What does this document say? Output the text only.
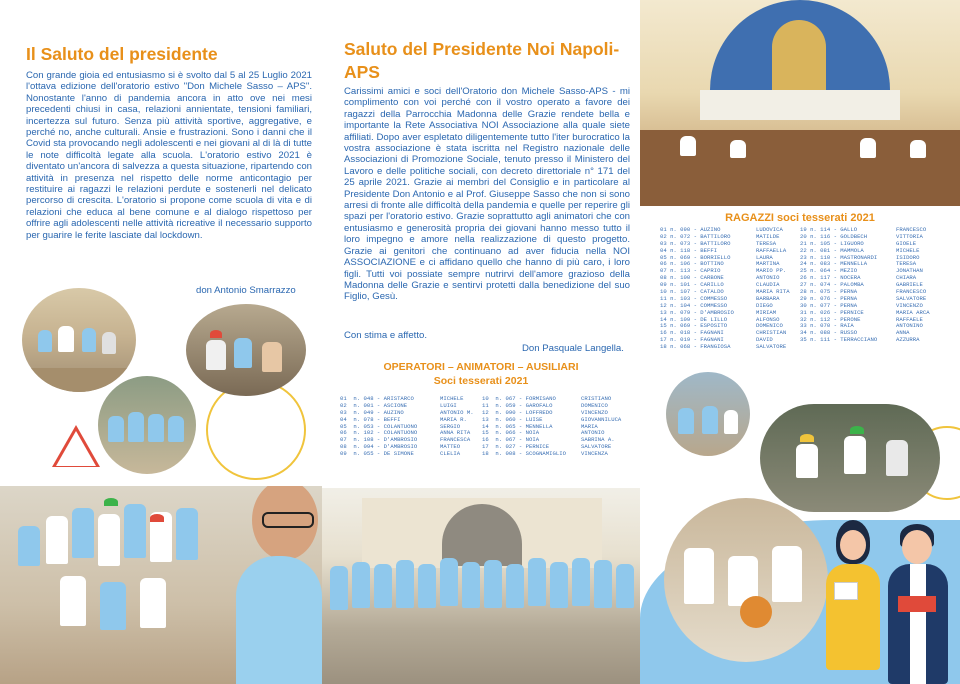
Il Saluto del presidente

Con grande gioia ed entusiasmo si è svolto dal 5 al 25 Luglio 2021 l'ottava edizione dell'oratorio estivo "Don Michele Sasso – APS". Nonostante l'anno di pandemia ancora in atto ove nei mesi precedenti chiusi in casa, relazioni annientate, tensioni familiari, incertezza sul futuro. Senza più attività sportive, aggregative, e perché no, anche culturali. Ansie e frustrazioni. Sono i danni che il Covid sta provocando negli adolescenti e nei giovani al di là di tutte le note difficoltà legate alla scuola. L'oratorio estivo 2021 è diventato un'ancora di salvezza a questa situazione, ripartendo con attività in presenza nel rispetto delle norme anticontagio per restituire ai ragazzi le relazioni perdute e sostenerli nel delicato percorso di crescita. L'oratorio si propone come scuola di vita e di relazioni che educa al bene comune e al dialogo rispettoso per offrire agli adolescenti nelle attività ricreative il necessario supporto per guarire le ferite lasciate dal lockdown.

don Antonio Smarrazzo
Saluto del Presidente Noi Napoli-APS

Carissimi amici e soci dell'Oratorio don Michele Sasso-APS - mi complimento con voi perché con il vostro operato a favore dei ragazzi della Parrocchia Madonna delle Grazie rendete bella e importante la Rete Associativa NOI Associazione alla quale siete affiliati. Dopo aver espletato diligentemente tutto l'iter burocratico la vostra associazione è stata iscritta nel Registro nazionale delle Associazioni di Promozione Sociale, tenuto presso il Ministero del Lavoro e delle politiche sociali, con decreto direttoriale n° 171 del 25 aprile 2021. Grazie ai membri del Consiglio e in particolare al Presidente Don Antonio e al Prof. Giuseppe Sasso che non si sono arresi di fronte alle difficoltà della pandemia e quelle per reperire gli spazi per l'oratorio estivo. Grazie soprattutto agli animatori che con entusiasmo e generosità propria dei giovani hanno messo tutto il loro impegno e amore nella realizzazione di questo progetto. Grazie ai genitori che continuano ad aver fiducia nella NOI ASSOCIAZIONE e ci affidano quello che hanno di più caro, i loro figli. Tutti voi possiate sempre nutrirvi dell'amore grazioso della Madonna delle Grazie e sentirvi protetti dalla benedizione del suo Figlio, Gesù.

Con stima e affetto.
Don Pasquale Langella.
OPERATORI – ANIMATORI – AUSILIARI
Soci tesserati 2021
01  n. 048 - ARISTARCO
02  n. 001 - ASCIONE
03  n. 049 - AUZINO
04  n. 078 - BEFFI
05  n. 053 - COLANTUONO
06  n. 102 - COLANTUONO
07  n. 108 - D'AMBROSIO
08  n. 094 - D'AMBROSIO
09  n. 055 - DE SIMONE
MICHELE
LUIGI
ANTONIO M.
MARIA R.
SERGIO
ANNA RITA
FRANCESCA
MATTEO
CLELIA
10  n. 067 - FORMISANO
11  n. 059 - GAROFALO
12  n. 090 - LOFFREDO
13  n. 060 - LUISE
14  n. 065 - MENNELLA
15  n. 066 - NOIA
16  n. 067 - NOIA
17  n. 027 - PERNICE
18  n. 008 - SCOGNAMIGLIO
CRISTIANO
DOMENICO
VINCENZO
GIOVANNILUCA
MARIA
ANTONIO
SABRINA A.
SALVATORE
VINCENZA
RAGAZZI soci tesserati 2021
01 n. 090 - AUZINO
02 n. 072 - BATTILORO
03 n. 073 - BATTILORO
04 n. 118 - BEFFI
05 n. 069 - BORRIELLO
06 n. 106 - BOTTINO
07 n. 113 - CAPRIO
08 n. 100 - CARBONE
09 n. 101 - CARILLO
10 n. 107 - CATALDO
11 n. 103 - COMMESSO
12 n. 104 - COMMESSO
13 n. 079 - D'AMBROSIO
14 n. 109 - DE LILLO
15 n. 069 - ESPOSITO
16 n. 018 - FAGNANI
17 n. 019 - FAGNANI
18 n. 068 - FRANGIOSA
LUDOVICA
MATILDE
TERESA
RAFFAELLA
LAURA
MARTINA
MARIO PP.
ANTONIO
CLAUDIA
MARIA RITA
BARBARA
DIEGO
MIRIAM
ALFONSO
DOMENICO
CHRISTIAN
DAVID
SALVATORE
19 n. 114 - GALLO
20 n. 116 - GOLDBECH
21 n. 105 - LIGUORO
22 n. 081 - MAMMOLA
23 n. 110 - MASTRONARDI
24 n. 083 - MENNELLA
25 n. 064 - MEZIO
26 n. 117 - NOCERA
27 n. 074 - PALOMBA
28 n. 075 - PERNA
29 n. 076 - PERNA
30 n. 077 - PERNA
31 n. 026 - PERNICE
32 n. 112 - PERONE
33 n. 070 - RAIA
34 n. 088 - RUSSO
35 n. 111 - TERRACCIANO
FRANCESCO
VITTORIA
GIOELE
MICHELE
ISIDORO
TERESA
JONATHAN
CHIARA
GABRIELE
FRANCESCO
SALVATORE
VINCENZO
MARIA ARCA
RAFFAELE
ANTONINO
ANNA
AZZURRA
